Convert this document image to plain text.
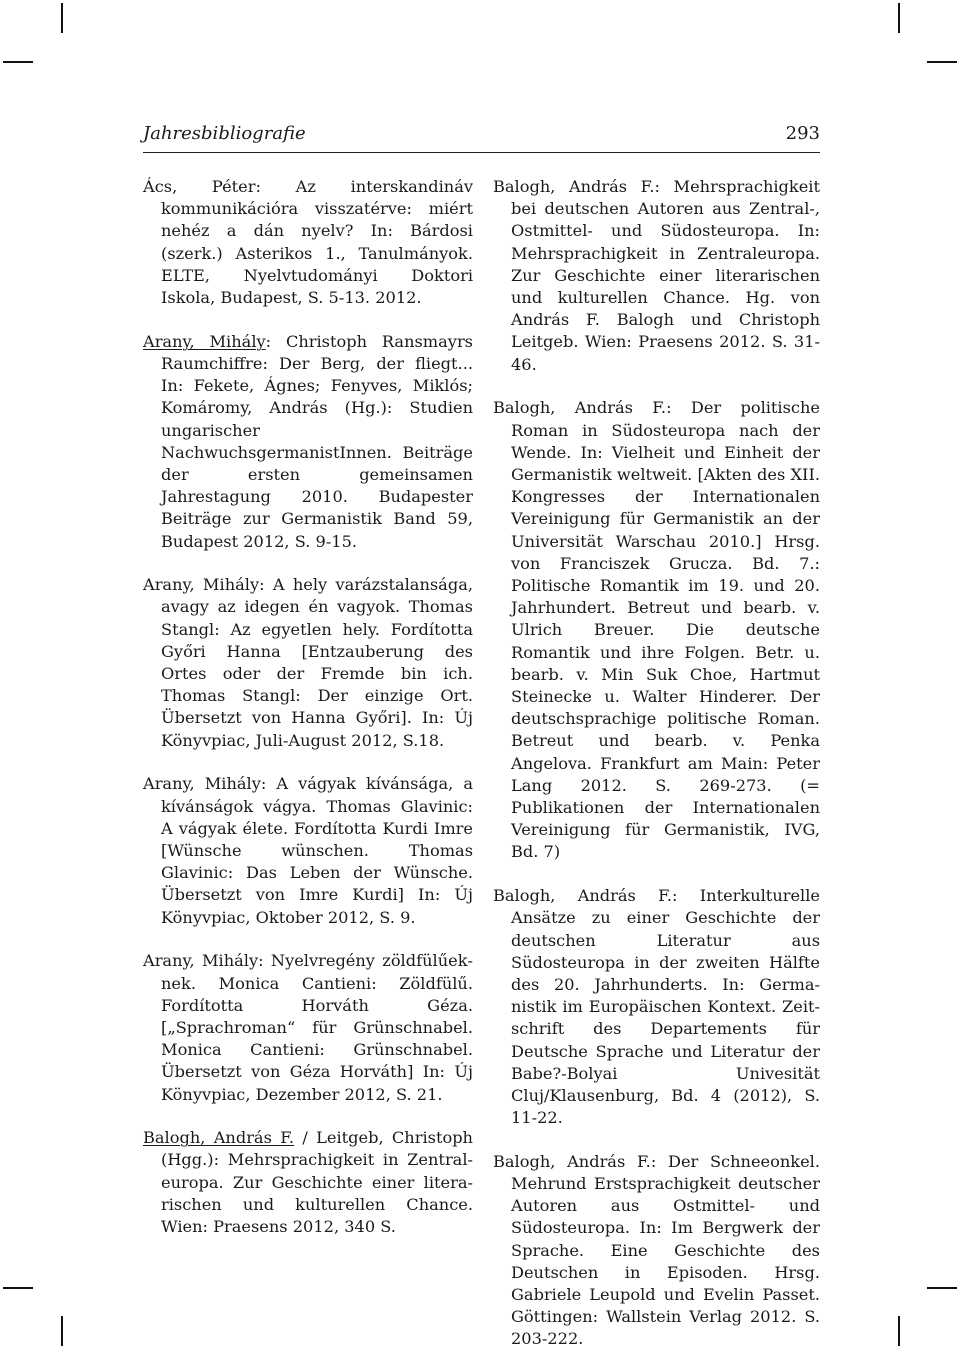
Jahresbibliografie	293

Ács, Péter: Az interskandináv kommunikációra visszatérve: miért nehéz a dán nyelv? In: Bárdosi (szerk.) Asterikos 1., Tanulmányok. ELTE, Nyelvtudományi Doktori Iskola, Budapest, S. 5-13. 2012.

Arany, Mihály: Christoph Ransmayrs Raumchiffre: Der Berg, der fliegt... In: Fekete, Ágnes; Fenyves, Miklós; Komáromy, András (Hg.): Studien ungarischer NachwuchsgermanistInnen. Beiträge der ersten gemeinsamen Jahrestagung 2010. Budapester Beiträge zur Germanistik Band 59, Budapest 2012, S. 9-15.

Arany, Mihály: A hely varázstalansága, avagy az idegen én vagyok. Thomas Stangl: Az egyetlen hely. Fordította Győri Hanna [Entzauberung des Ortes oder der Fremde bin ich. Thomas Stangl: Der einzige Ort. Übersetzt von Hanna Győri]. In: Új Könyvpiac, Juli-August 2012, S.18.

Arany, Mihály: A vágyak kívánsága, a kívánságok vágya. Thomas Glavinic: A vágyak élete. Fordította Kurdi Imre [Wünsche wünschen. Thomas Glavinic: Das Leben der Wünsche. Übersetzt von Imre Kurdi] In: Új Könyvpiac, Oktober 2012, S. 9.

Arany, Mihály: Nyelvregény zöldfülűeknek. Monica Cantieni: Zöldfülű. Fordította Horváth Géza. [„Sprachroman“ für Grünschnabel. Monica Cantieni: Grünschnabel. Übersetzt von Géza Horváth] In: Új Könyvpiac, Dezember 2012, S. 21.

Balogh, András F. / Leitgeb, Christoph (Hgg.): Mehrsprachigkeit in Zentraleuropa. Zur Geschichte einer literarischen und kulturellen Chance. Wien: Praesens 2012, 340 S.

Balogh, András F.: Mehrsprachigkeit bei deutschen Autoren aus Zentral-, Ostmittel- und Südosteuropa. In: Mehrsprachigkeit in Zentraleuropa. Zur Geschichte einer literarischen und kulturellen Chance. Hg. von András F. Balogh und Christoph Leitgeb. Wien: Praesens 2012. S. 31-46.

Balogh, András F.: Der politische Roman in Südosteuropa nach der Wende. In: Vielheit und Einheit der Germanistik weltweit. [Akten des XII. Kongresses der Internationalen Vereinigung für Germanistik an der Universität Warschau 2010.] Hrsg. von Franciszek Grucza. Bd. 7.: Politische Romantik im 19. und 20. Jahrhundert. Betreut und bearb. v. Ulrich Breuer. Die deutsche Romantik und ihre Folgen. Betr. u. bearb. v. Min Suk Choe, Hartmut Steinecke u. Walter Hinderer. Der deutschsprachige politische Roman. Betreut und bearb. v. Penka Angelova. Frankfurt am Main: Peter Lang 2012. S. 269-273. (= Publikationen der Internationalen Vereinigung für Germanistik, IVG, Bd. 7)

Balogh, András F.: Interkulturelle Ansätze zu einer Geschichte der deutschen Literatur aus Südosteuropa in der zweiten Hälfte des 20. Jahrhunderts. In: Germanistik im Europäischen Kontext. Zeitschrift des Departements für Deutsche Sprache und Literatur der Babe?-Bolyai Univesität Cluj/Klausenburg, Bd. 4 (2012), S. 11-22.

Balogh, András F.: Der Schneeonkel. Mehrund Erstsprachigkeit deutscher Autoren aus Ostmittel- und Südosteuropa. In: Im Bergwerk der Sprache. Eine Geschichte des Deutschen in Episoden. Hrsg. Gabriele Leupold und Evelin Passet. Göttingen: Wallstein Verlag 2012. S. 203-222.
